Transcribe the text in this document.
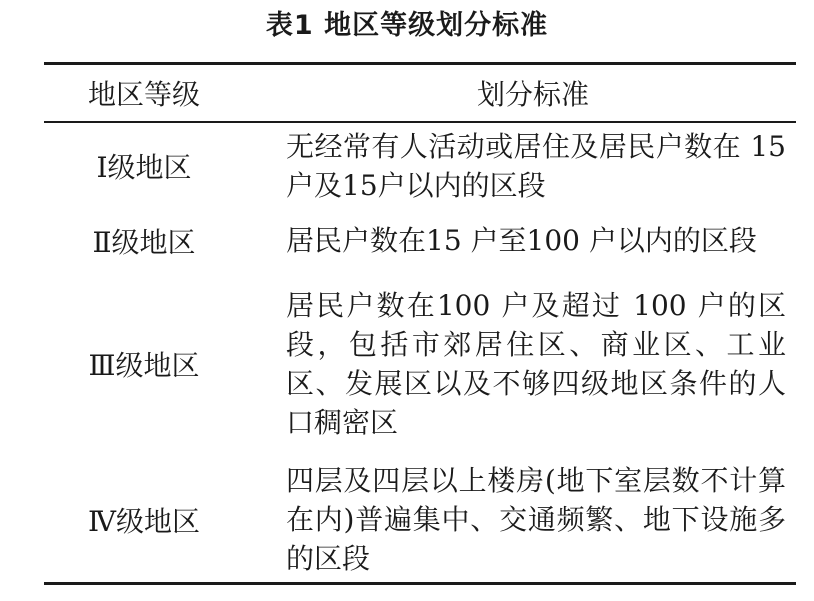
表1 地区等级划分标准
地区等级	划分标准
Ⅰ级地区
无经常有人活动或居住及居民户数在 15 户及15户以内的区段
Ⅱ级地区	居民户数在15 户至100 户以内的区段
Ⅲ级地区
居民户数在100 户及超过 100 户的区段，包括市郊居住区、商业区、工业区、发展区以及不够四级地区条件的人口稠密区
Ⅳ级地区
四层及四层以上楼房(地下室层数不计算在内)普遍集中、交通频繁、地下设施多的区段
